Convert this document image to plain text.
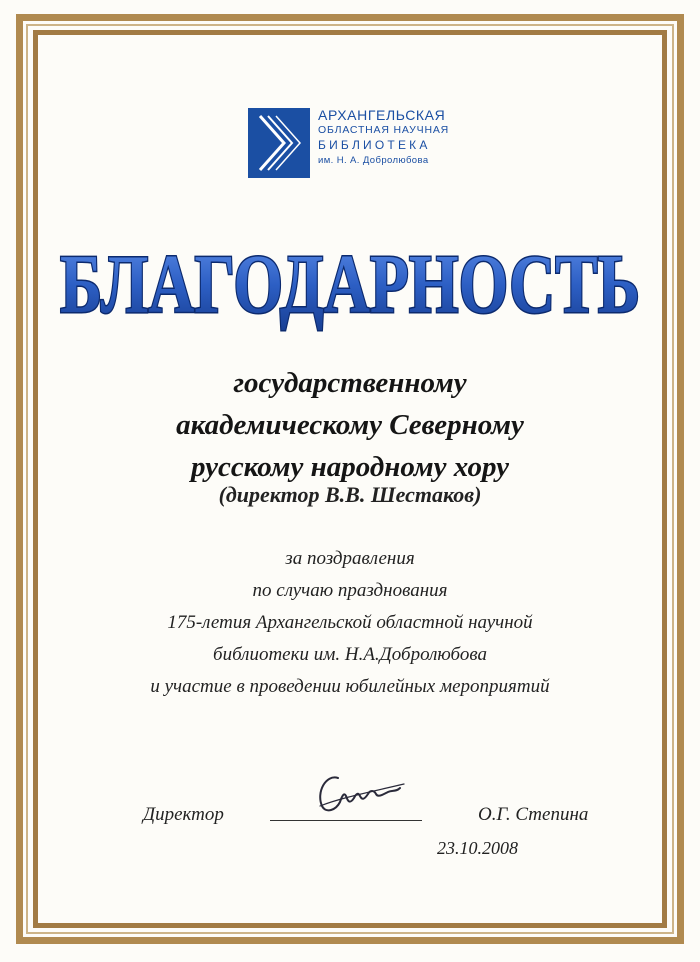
АРХАНГЕЛЬСКАЯ
ОБЛАСТНАЯ НАУЧНАЯ
БИБЛИОТЕКА
им. Н. А. Добролюбова
БЛАГОДАРНОСТЬ
государственному
академическому Северному
русскому народному хору
(директор В.В. Шестаков)
за поздравления
по случаю празднования
175-летия Архангельской областной научной
библиотеки им. Н.А.Добролюбова
и участие в проведении юбилейных мероприятий
Директор	О.Г. Степина
23.10.2008
